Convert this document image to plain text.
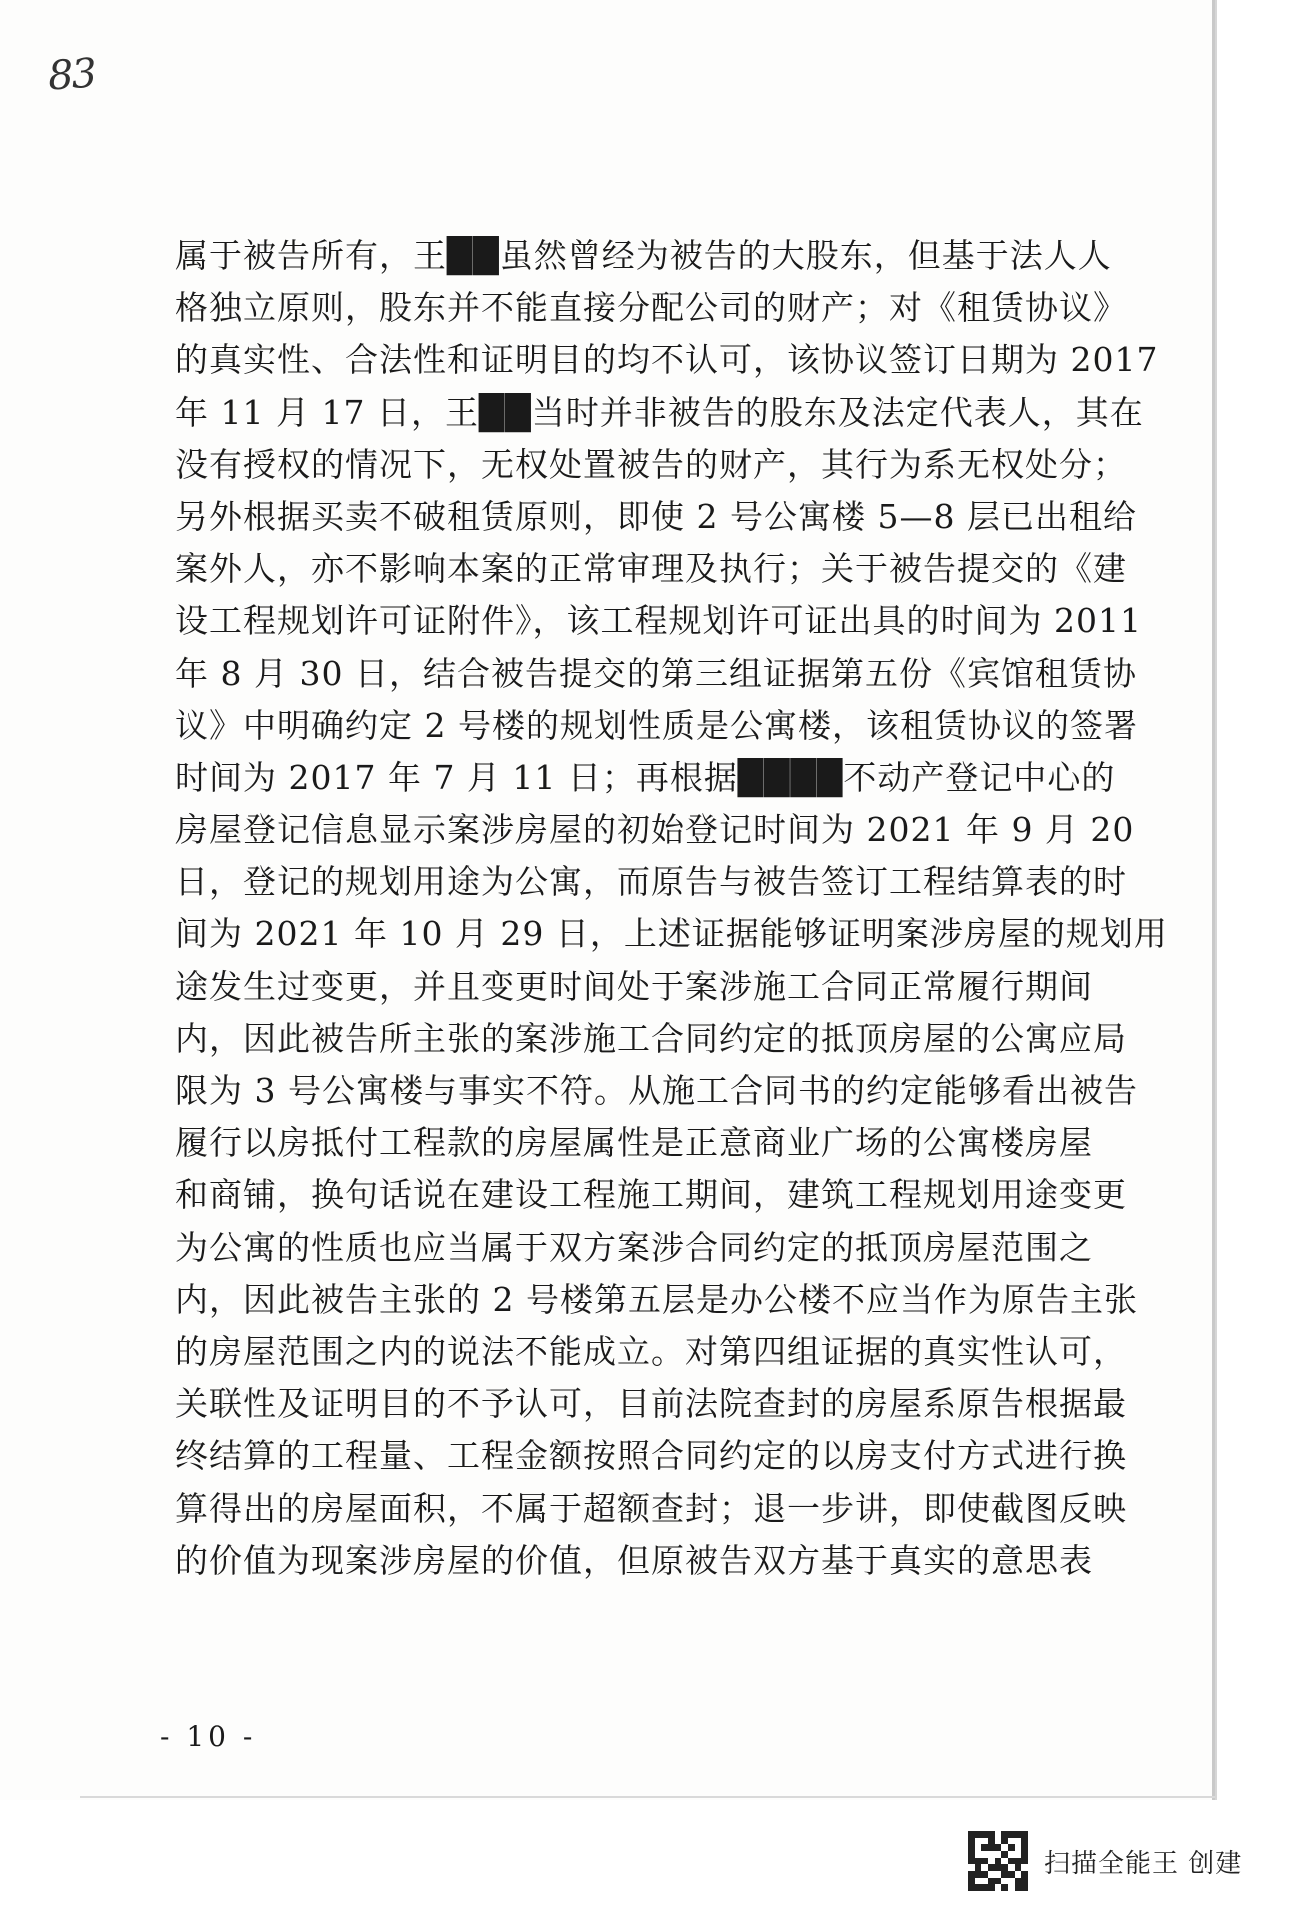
83
属于被告所有，王██虽然曾经为被告的大股东，但基于法人人
格独立原则，股东并不能直接分配公司的财产；对《租赁协议》
的真实性、合法性和证明目的均不认可，该协议签订日期为 2017
年 11 月 17 日，王██当时并非被告的股东及法定代表人，其在
没有授权的情况下，无权处置被告的财产，其行为系无权处分；
另外根据买卖不破租赁原则，即使 2 号公寓楼 5—8 层已出租给
案外人，亦不影响本案的正常审理及执行；关于被告提交的《建
设工程规划许可证附件》，该工程规划许可证出具的时间为 2011
年 8 月 30 日，结合被告提交的第三组证据第五份《宾馆租赁协
议》中明确约定 2 号楼的规划性质是公寓楼，该租赁协议的签署
时间为 2017 年 7 月 11 日；再根据████不动产登记中心的
房屋登记信息显示案涉房屋的初始登记时间为 2021 年 9 月 20
日，登记的规划用途为公寓，而原告与被告签订工程结算表的时
间为 2021 年 10 月 29 日，上述证据能够证明案涉房屋的规划用
途发生过变更，并且变更时间处于案涉施工合同正常履行期间
内，因此被告所主张的案涉施工合同约定的抵顶房屋的公寓应局
限为 3 号公寓楼与事实不符。从施工合同书的约定能够看出被告
履行以房抵付工程款的房屋属性是正意商业广场的公寓楼房屋
和商铺，换句话说在建设工程施工期间，建筑工程规划用途变更
为公寓的性质也应当属于双方案涉合同约定的抵顶房屋范围之
内，因此被告主张的 2 号楼第五层是办公楼不应当作为原告主张
的房屋范围之内的说法不能成立。对第四组证据的真实性认可，
关联性及证明目的不予认可，目前法院查封的房屋系原告根据最
终结算的工程量、工程金额按照合同约定的以房支付方式进行换
算得出的房屋面积，不属于超额查封；退一步讲，即使截图反映
的价值为现案涉房屋的价值，但原被告双方基于真实的意思表
- 10 -
扫描全能王 创建
